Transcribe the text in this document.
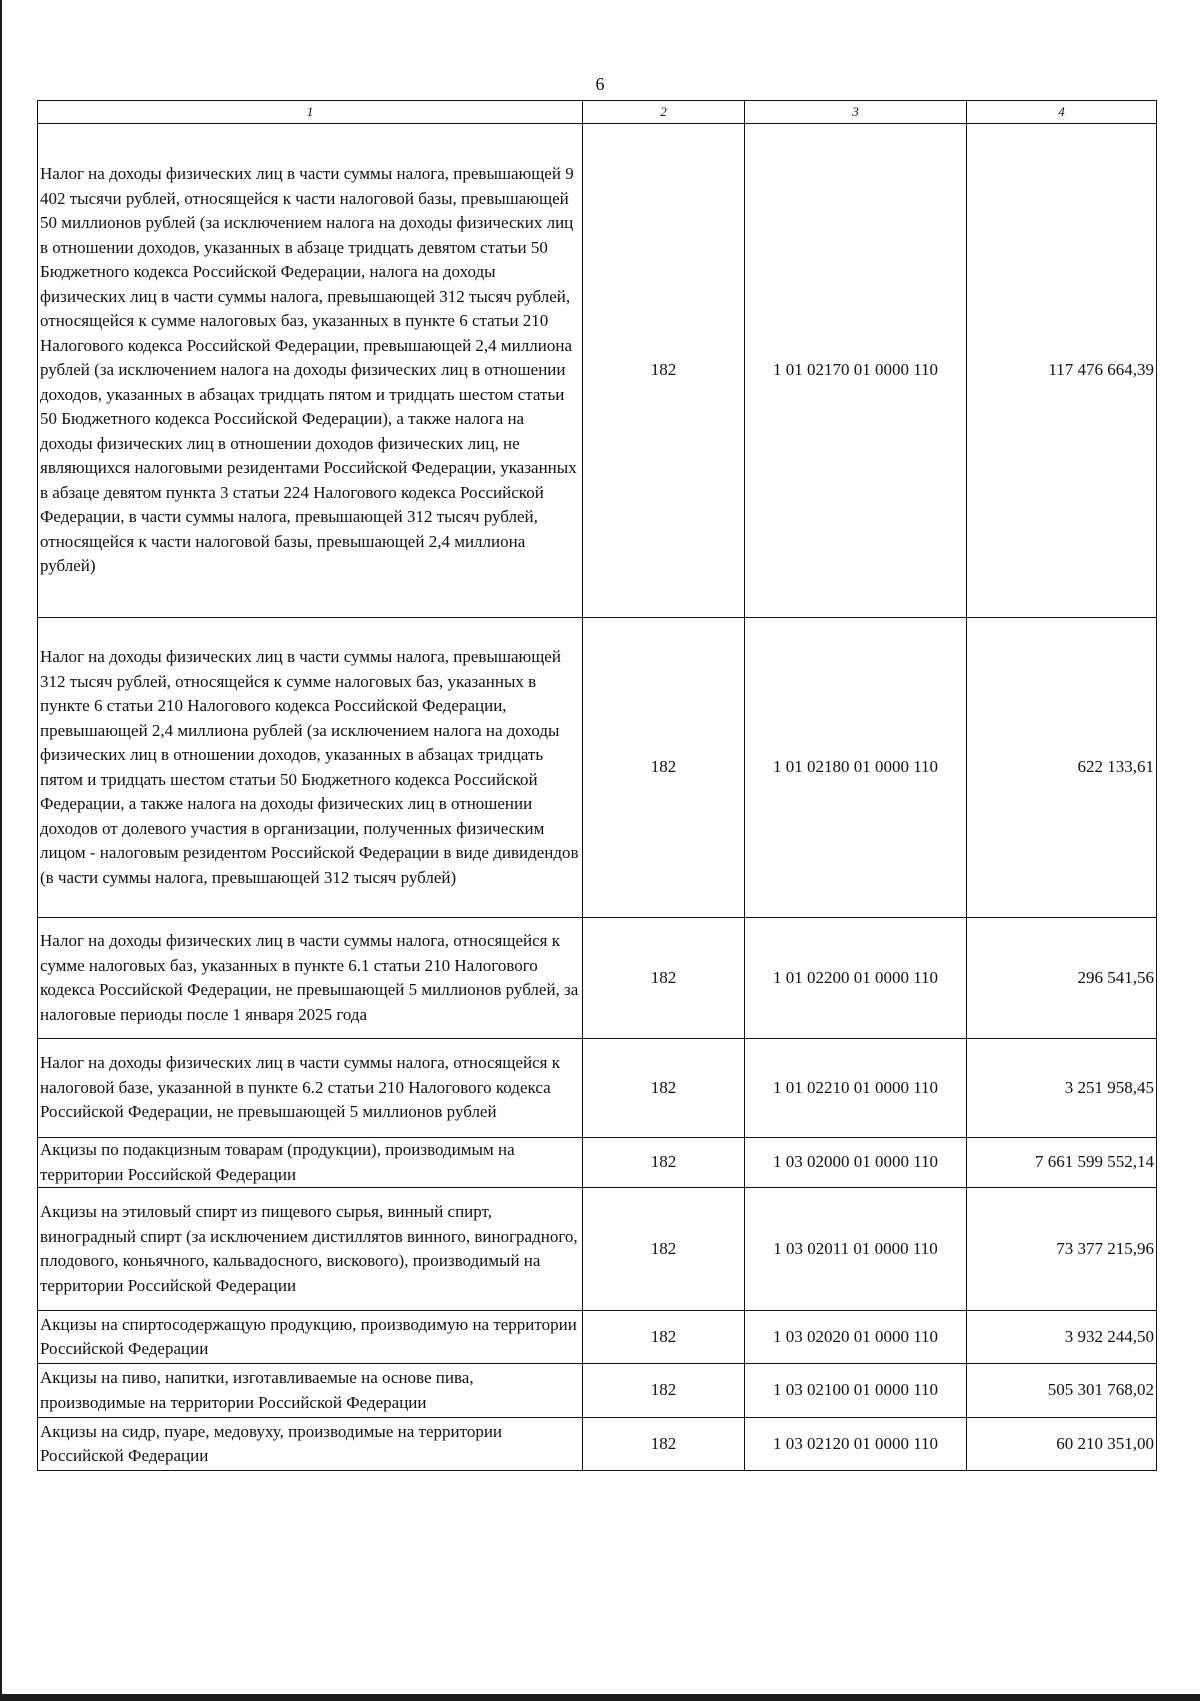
6
1	2	3	4
Налог на доходы физических лиц в части суммы налога, превышающей 9 402 тысячи рублей, относящейся к части налоговой базы, превышающей 50 миллионов рублей (за исключением налога на доходы физических лиц в отношении доходов, указанных в абзаце тридцать девятом статьи 50 Бюджетного кодекса Российской Федерации, налога на доходы физических лиц в части суммы налога, превышающей 312 тысяч рублей, относящейся к сумме налоговых баз, указанных в пункте 6 статьи 210 Налогового кодекса Российской Федерации, превышающей 2,4 миллиона рублей (за исключением налога на доходы физических лиц в отношении доходов, указанных в абзацах тридцать пятом и тридцать шестом статьи 50 Бюджетного кодекса Российской Федерации), а также налога на доходы физических лиц в отношении доходов физических лиц, не являющихся налоговыми резидентами Российской Федерации, указанных в абзаце девятом пункта 3 статьи 224 Налогового кодекса Российской Федерации, в части суммы налога, превышающей 312 тысяч рублей, относящейся к части налоговой базы, превышающей 2,4 миллиона рублей)	182	1 01 02170 01 0000 110	117 476 664,39
Налог на доходы физических лиц в части суммы налога, превышающей 312 тысяч рублей, относящейся к сумме налоговых баз, указанных в пункте 6 статьи 210 Налогового кодекса Российской Федерации, превышающей 2,4 миллиона рублей (за исключением налога на доходы физических лиц в отношении доходов, указанных в абзацах тридцать пятом и тридцать шестом статьи 50 Бюджетного кодекса Российской Федерации, а также налога на доходы физических лиц в отношении доходов от долевого участия в организации, полученных физическим лицом - налоговым резидентом Российской Федерации в виде дивидендов (в части суммы налога, превышающей 312 тысяч рублей)	182	1 01 02180 01 0000 110	622 133,61
Налог на доходы физических лиц в части суммы налога, относящейся к сумме налоговых баз, указанных в пункте 6.1 статьи 210 Налогового кодекса Российской Федерации, не превышающей 5 миллионов рублей, за налоговые периоды после 1 января 2025 года	182	1 01 02200 01 0000 110	296 541,56
Налог на доходы физических лиц в части суммы налога, относящейся к налоговой базе, указанной в пункте 6.2 статьи 210 Налогового кодекса Российской Федерации, не превышающей 5 миллионов рублей	182	1 01 02210 01 0000 110	3 251 958,45
Акцизы по подакцизным товарам (продукции), производимым на территории Российской Федерации	182	1 03 02000 01 0000 110	7 661 599 552,14
Акцизы на этиловый спирт из пищевого сырья, винный спирт, виноградный спирт (за исключением дистиллятов винного, виноградного, плодового, коньячного, кальвадосного, вискового), производимый на территории Российской Федерации	182	1 03 02011 01 0000 110	73 377 215,96
Акцизы на спиртосодержащую продукцию, производимую на территории Российской Федерации	182	1 03 02020 01 0000 110	3 932 244,50
Акцизы на пиво, напитки, изготавливаемые на основе пива, производимые на территории Российской Федерации	182	1 03 02100 01 0000 110	505 301 768,02
Акцизы на сидр, пуаре, медовуху, производимые на территории Российской Федерации	182	1 03 02120 01 0000 110	60 210 351,00
